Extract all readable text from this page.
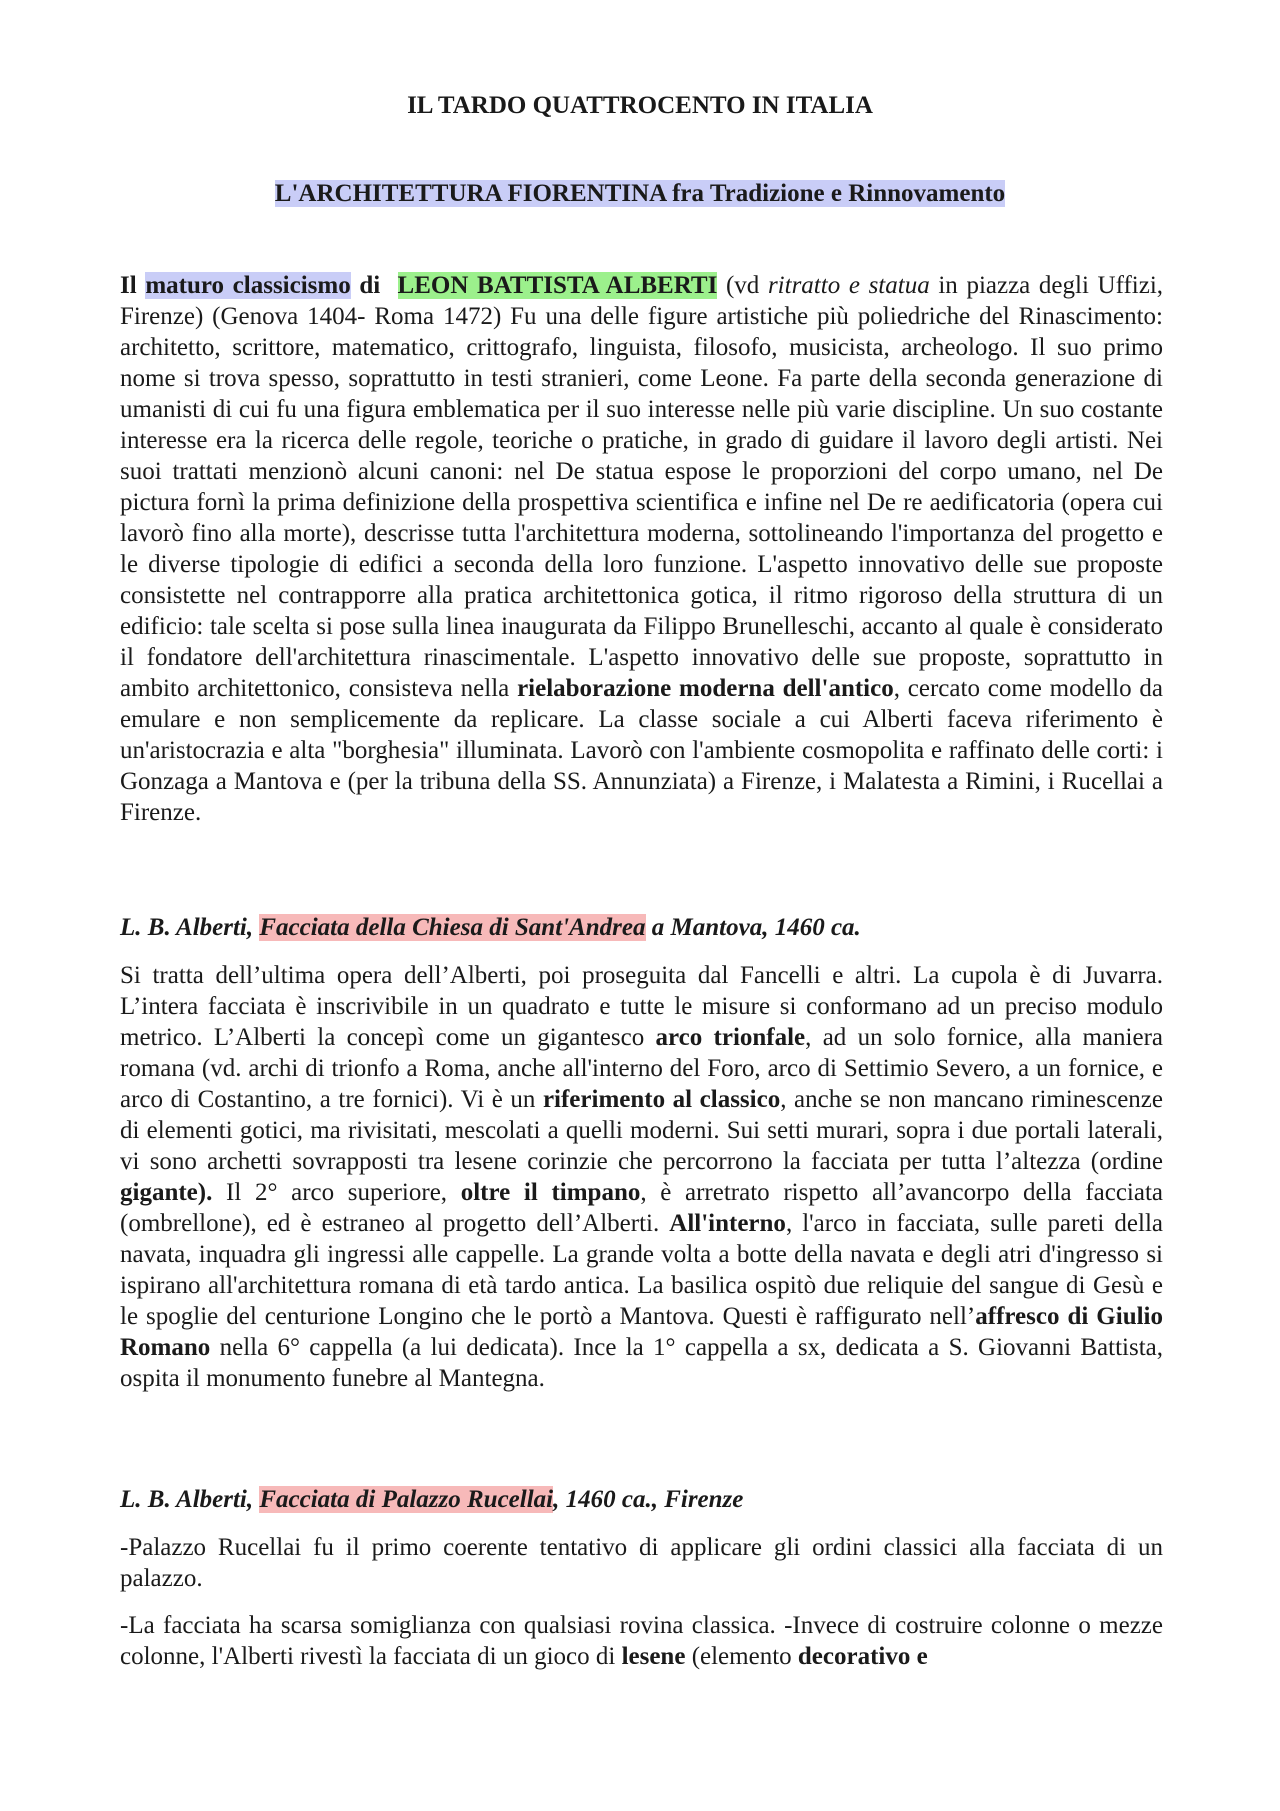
IL TARDO QUATTROCENTO IN ITALIA
L'ARCHITETTURA FIORENTINA fra Tradizione e Rinnovamento

Il maturo classicismo di LEON BATTISTA ALBERTI (vd ritratto e statua in piazza degli Uffizi, Firenze) (Genova 1404- Roma 1472) Fu una delle figure artistiche più poliedriche del Rinascimento: architetto, scrittore, matematico, crittografo, linguista, filosofo, musicista, archeologo. Il suo primo nome si trova spesso, soprattutto in testi stranieri, come Leone. Fa parte della seconda generazione di umanisti di cui fu una figura emblematica per il suo interesse nelle più varie discipline. Un suo costante interesse era la ricerca delle regole, teoriche o pratiche, in grado di guidare il lavoro degli artisti. Nei suoi trattati menzionò alcuni canoni: nel De statua espose le proporzioni del corpo umano, nel De pictura fornì la prima definizione della prospettiva scientifica e infine nel De re aedificatoria (opera cui lavorò fino alla morte), descrisse tutta l'architettura moderna, sottolineando l'importanza del progetto e le diverse tipologie di edifici a seconda della loro funzione. L'aspetto innovativo delle sue proposte consistette nel contrapporre alla pratica architettonica gotica, il ritmo rigoroso della struttura di un edificio: tale scelta si pose sulla linea inaugurata da Filippo Brunelleschi, accanto al quale è considerato il fondatore dell'architettura rinascimentale. L'aspetto innovativo delle sue proposte, soprattutto in ambito architettonico, consisteva nella rielaborazione moderna dell'antico, cercato come modello da emulare e non semplicemente da replicare. La classe sociale a cui Alberti faceva riferimento è un'aristocrazia e alta "borghesia" illuminata. Lavorò con l'ambiente cosmopolita e raffinato delle corti: i Gonzaga a Mantova e (per la tribuna della SS. Annunziata) a Firenze, i Malatesta a Rimini, i Rucellai a Firenze.

L. B. Alberti, Facciata della Chiesa di Sant'Andrea a Mantova, 1460 ca.

Si tratta dell’ultima opera dell’Alberti, poi proseguita dal Fancelli e altri. La cupola è di Juvarra. L’intera facciata è inscrivibile in un quadrato e tutte le misure si conformano ad un preciso modulo metrico. L’Alberti la concepì come un gigantesco arco trionfale, ad un solo fornice, alla maniera romana (vd. archi di trionfo a Roma, anche all'interno del Foro, arco di Settimio Severo, a un fornice, e arco di Costantino, a tre fornici). Vi è un riferimento al classico, anche se non mancano riminescenze di elementi gotici, ma rivisitati, mescolati a quelli moderni. Sui setti murari, sopra i due portali laterali, vi sono archetti sovrapposti tra lesene corinzie che percorrono la facciata per tutta l’altezza (ordine gigante). Il 2° arco superiore, oltre il timpano, è arretrato rispetto all’avancorpo della facciata (ombrellone), ed è estraneo al progetto dell’Alberti. All'interno, l'arco in facciata, sulle pareti della navata, inquadra gli ingressi alle cappelle. La grande volta a botte della navata e degli atri d'ingresso si ispirano all'architettura romana di età tardo antica. La basilica ospitò due reliquie del sangue di Gesù e le spoglie del centurione Longino che le portò a Mantova. Questi è raffigurato nell’affresco di Giulio Romano nella 6° cappella (a lui dedicata). Ince la 1° cappella a sx, dedicata a S. Giovanni Battista, ospita il monumento funebre al Mantegna.

L. B. Alberti, Facciata di Palazzo Rucellai, 1460 ca., Firenze

-Palazzo Rucellai fu il primo coerente tentativo di applicare gli ordini classici alla facciata di un palazzo.

-La facciata ha scarsa somiglianza con qualsiasi rovina classica. -Invece di costruire colonne o mezze colonne, l'Alberti rivestì la facciata di un gioco di lesene (elemento decorativo e
